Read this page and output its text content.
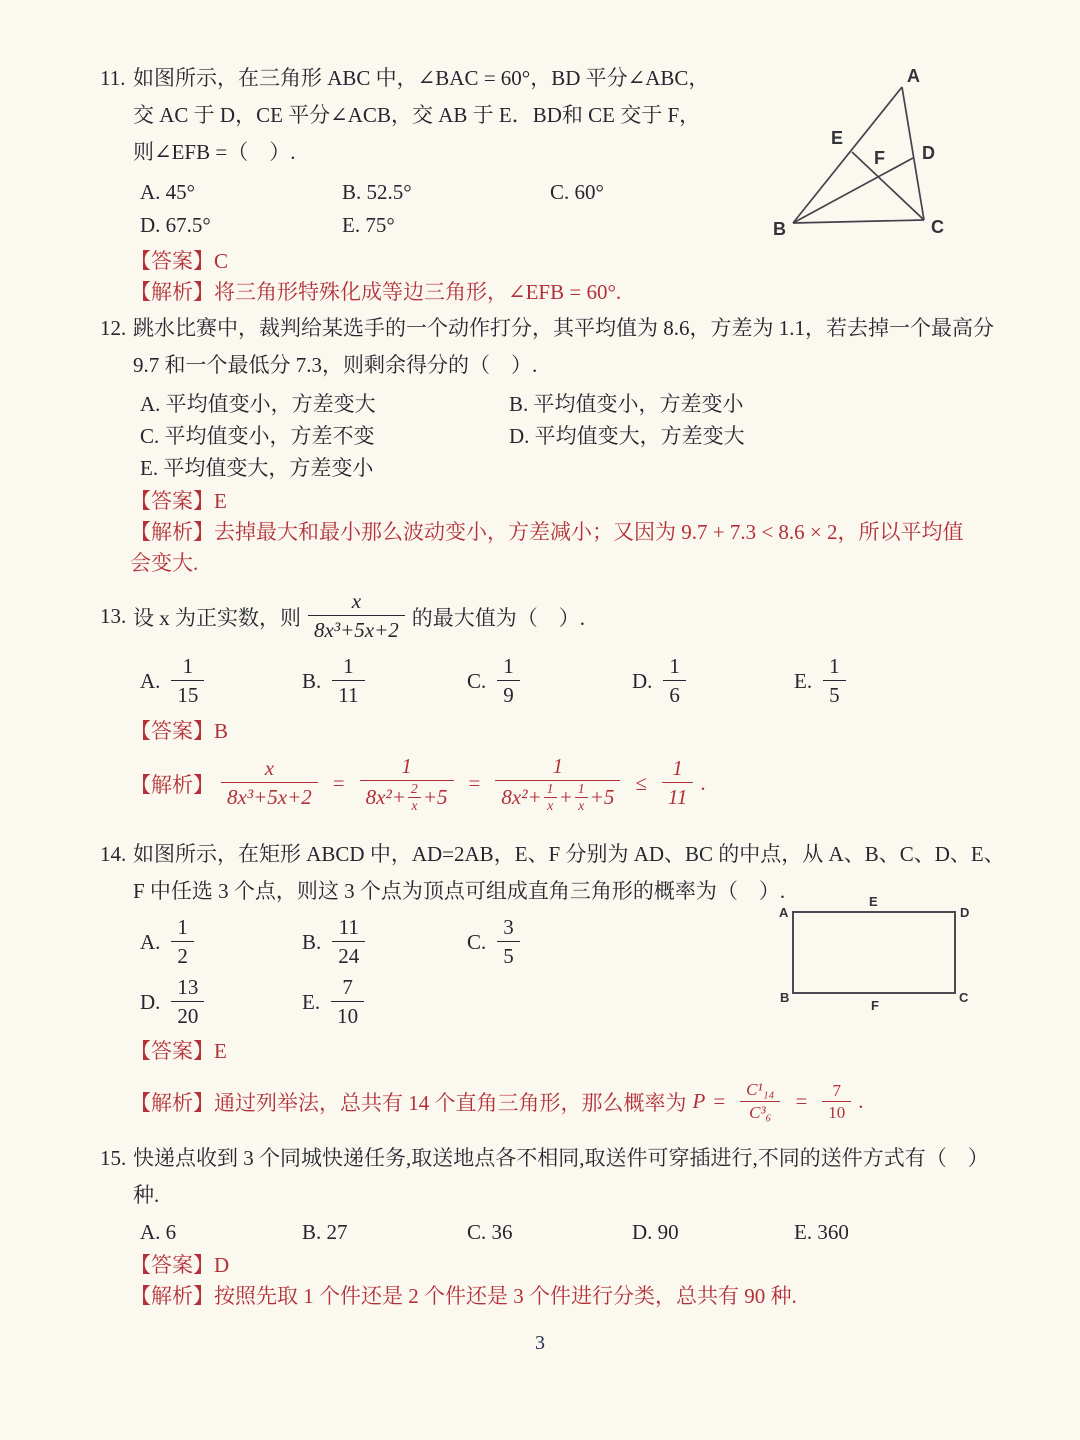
11. 如图所示，在三角形 ABC 中，∠BAC = 60°，BD 平分∠ABC，
交 AC 于 D，CE 平分∠ACB，交 AB 于 E．BD和 CE 交于 F，
则∠EFB =（　）.
A. 45°	B. 52.5°	C. 60°
D. 67.5°	E. 75°
【答案】 C
【解析】 将三角形特殊化成等边三角形，∠EFB = 60°.
A
B	C
D
E
F
12. 跳水比赛中，裁判给某选手的一个动作打分，其平均值为 8.6，方差为 1.1，若去掉一个最高分
9.7 和一个最低分 7.3，则剩余得分的（　）.
A. 平均值变小，方差变大	B. 平均值变小，方差变小
C. 平均值变小，方差不变	D. 平均值变大，方差变大
E. 平均值变大，方差变小
【答案】 E
【解析】 去掉最大和最小那么波动变小，方差减小；又因为 9.7 + 7.3 < 8.6 × 2，所以平均值
会变大.
13. 设 x 为正实数，则 $\frac{x}{\text{8x³+5x+2}}$ 的最大值为（　）.
A. $\frac{1}{15}$	B. $\frac{1}{11}$	C. $\frac{1}{9}$	D. $\frac{1}{6}$	E. $\frac{1}{5}$
【答案】 B
【解析】 $\frac{x}{\text{8x³+5x+2}} = \frac{1}{8x^2+ \frac{2}{x} +5} = \frac{1}{8x^2+ \frac{1}{x} + \frac{1}{x} +5} \le \frac{1}{11}$ .
14. 如图所示，在矩形 ABCD 中，AD=2AB，E、F 分别为 AD、BC 的中点，从 A、B、C、D、E、
F 中任选 3 个点，则这 3 个点为顶点可组成直角三角形的概率为（　）.
A. $\frac{1}{2}$	B. $\frac{11}{24}$	C. $\frac{3}{5}$
D. $\frac{13}{20}$	E. $\frac{7}{10}$
【答案】 E
【解析】 通过列举法，总共有 14 个直角三角形，那么概率为 $P = \frac{\text{C¹₁₄}}{\text{C³₆}} = \frac{7}{10}$ .
A
E
D
B
F
C
15. 快递点收到 3 个同城快递任务,取送地点各不相同,取送件可穿插进行,不同的送件方式有（　）
种.
A. 6	B. 27	C. 36	D. 90	E. 360
【答案】 D
【解析】 按照先取 1 个件还是 2 个件还是 3 个件进行分类，总共有 90 种.
3
